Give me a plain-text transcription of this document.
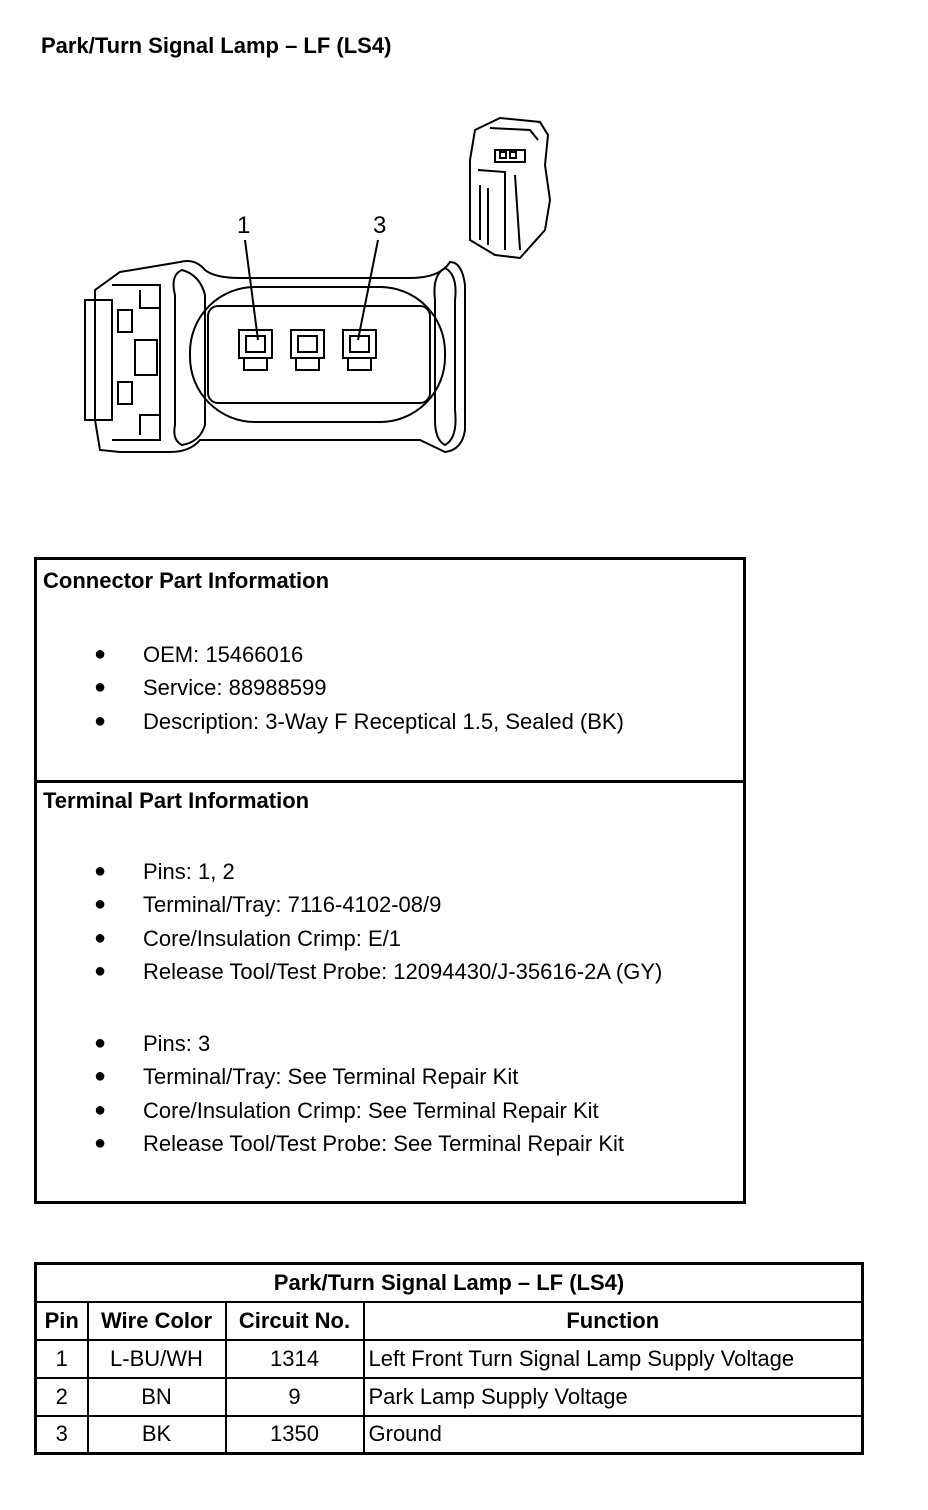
Park/Turn Signal Lamp – LF (LS4)
1	3
Connector Part Information
● OEM: 15466016
● Service: 88988599
● Description: 3-Way F Receptical 1.5, Sealed (BK)
Terminal Part Information
● Pins: 1, 2
● Terminal/Tray: 7116-4102-08/9
● Core/Insulation Crimp: E/1
● Release Tool/Test Probe: 12094430/J-35616-2A (GY)
● Pins: 3
● Terminal/Tray: See Terminal Repair Kit
● Core/Insulation Crimp: See Terminal Repair Kit
● Release Tool/Test Probe: See Terminal Repair Kit
Park/Turn Signal Lamp – LF (LS4)			
Pin	Wire Color	Circuit No.	Function
1	L-BU/WH	1314	Left Front Turn Signal Lamp Supply Voltage
2	BN	9	Park Lamp Supply Voltage
3	BK	1350	Ground
